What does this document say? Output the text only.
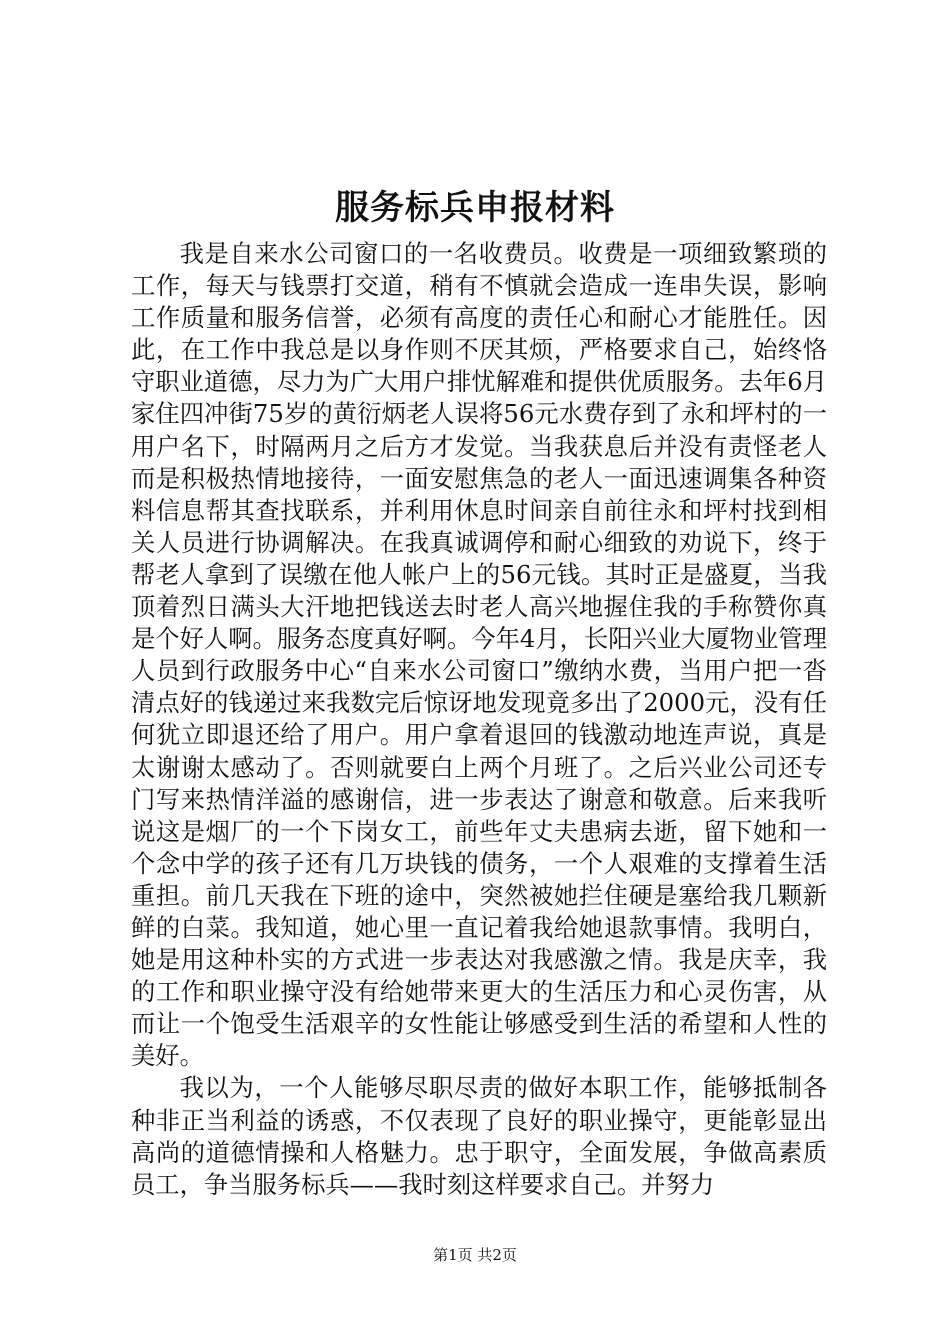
服务标兵申报材料

我是自来水公司窗口的一名收费员。收费是一项细致繁琐的工作，每天与钱票打交道，稍有不慎就会造成一连串失误，影响工作质量和服务信誉，必须有高度的责任心和耐心才能胜任。因此，在工作中我总是以身作则不厌其烦，严格要求自己，始终恪守职业道德，尽力为广大用户排忧解难和提供优质服务。去年6月家住四冲街75岁的黄衍炳老人误将56元水费存到了永和坪村的一用户名下，时隔两月之后方才发觉。当我获息后并没有责怪老人而是积极热情地接待，一面安慰焦急的老人一面迅速调集各种资料信息帮其查找联系，并利用休息时间亲自前往永和坪村找到相关人员进行协调解决。在我真诚调停和耐心细致的劝说下，终于帮老人拿到了误缴在他人帐户上的56元钱。其时正是盛夏，当我顶着烈日满头大汗地把钱送去时老人高兴地握住我的手称赞你真是个好人啊。服务态度真好啊。今年4月，长阳兴业大厦物业管理人员到行政服务中心“自来水公司窗口”缴纳水费，当用户把一沓清点好的钱递过来我数完后惊讶地发现竟多出了2000元，没有任何犹立即退还给了用户。用户拿着退回的钱激动地连声说，真是太谢谢太感动了。否则就要白上两个月班了。之后兴业公司还专门写来热情洋溢的感谢信，进一步表达了谢意和敬意。后来我听说这是烟厂的一个下岗女工，前些年丈夫患病去逝，留下她和一个念中学的孩子还有几万块钱的债务，一个人艰难的支撑着生活重担。前几天我在下班的途中，突然被她拦住硬是塞给我几颗新鲜的白菜。我知道，她心里一直记着我给她退款事情。我明白，她是用这种朴实的方式进一步表达对我感激之情。我是庆幸，我的工作和职业操守没有给她带来更大的生活压力和心灵伤害，从而让一个饱受生活艰辛的女性能让够感受到生活的希望和人性的美好。

我以为，一个人能够尽职尽责的做好本职工作，能够抵制各种非正当利益的诱惑，不仅表现了良好的职业操守，更能彰显出高尚的道德情操和人格魅力。忠于职守，全面发展，争做高素质员工，争当服务标兵——我时刻这样要求自己。并努力

第1页 共2页
